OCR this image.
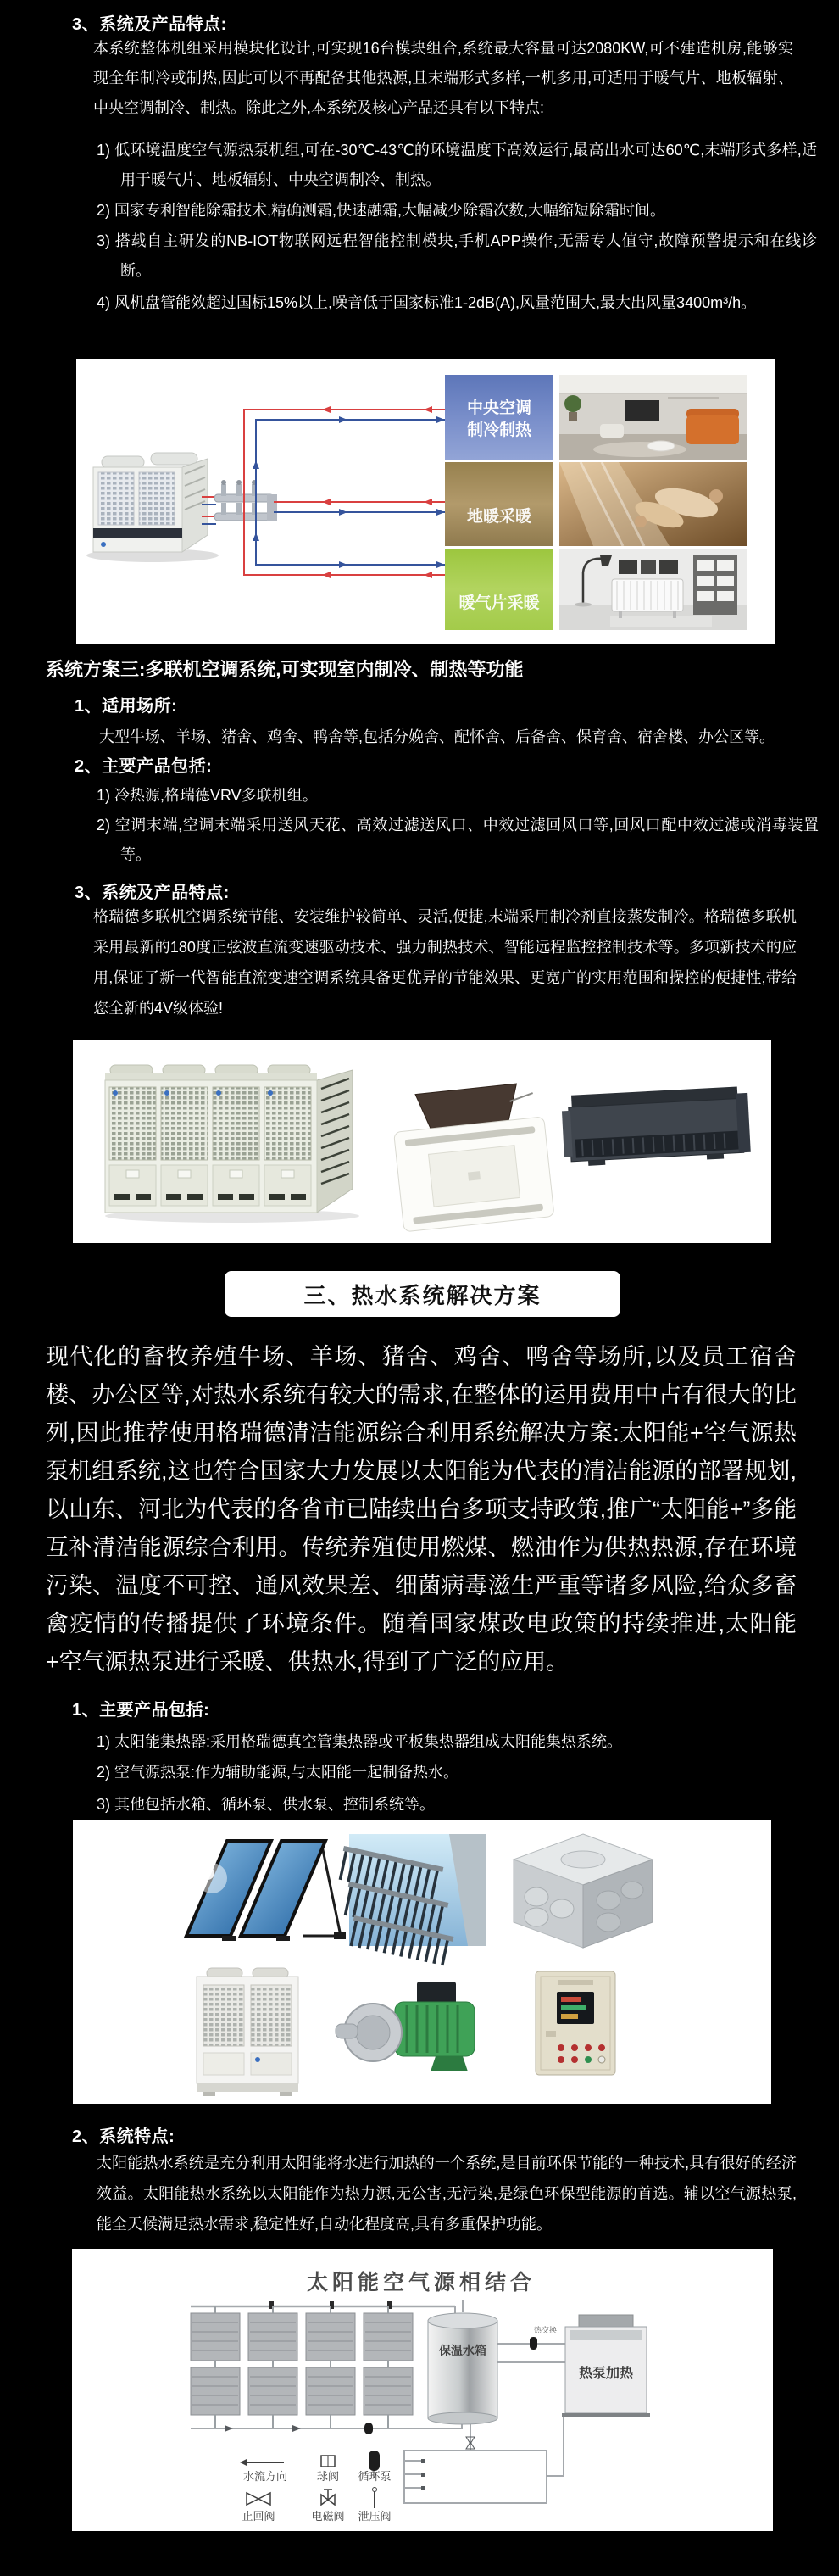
3、系统及产品特点:
本系统整体机组采用模块化设计,可实现16台模块组合,系统最大容量可达2080KW,可不建造机房,能够实现全年制冷或制热,因此可以不再配备其他热源,且末端形式多样,一机多用,可适用于暖气片、地板辐射、中央空调制冷、制热。除此之外,本系统及核心产品还具有以下特点:
1) 低环境温度空气源热泵机组,可在-30℃-43℃的环境温度下高效运行,最高出水可达60℃,末端形式多样,适用于暖气片、地板辐射、中央空调制冷、制热。
2) 国家专利智能除霜技术,精确测霜,快速融霜,大幅减少除霜次数,大幅缩短除霜时间。
3) 搭载自主研发的NB-IOT物联网远程智能控制模块,手机APP操作,无需专人值守,故障预警提示和在线诊断。
4) 风机盘管能效超过国标15%以上,噪音低于国家标准1-2dB(A),风量范围大,最大出风量3400m³/h。
中央空调
制冷制热
地暖采暖
暖气片采暖
系统方案三:多联机空调系统,可实现室内制冷、制热等功能
1、适用场所:
大型牛场、羊场、猪舍、鸡舍、鸭舍等,包括分娩舍、配怀舍、后备舍、保育舍、宿舍楼、办公区等。
2、主要产品包括:
1) 冷热源,格瑞德VRV多联机组。
2) 空调末端,空调末端采用送风天花、高效过滤送风口、中效过滤回风口等,回风口配中效过滤或消毒装置等。
3、系统及产品特点:
格瑞德多联机空调系统节能、安装维护较简单、灵活,便捷,末端采用制冷剂直接蒸发制冷。格瑞德多联机采用最新的180度正弦波直流变速驱动技术、强力制热技术、智能远程监控控制技术等。多项新技术的应用,保证了新一代智能直流变速空调系统具备更优异的节能效果、更宽广的实用范围和操控的便捷性,带给您全新的4V级体验!
三、热水系统解决方案
现代化的畜牧养殖牛场、羊场、猪舍、鸡舍、鸭舍等场所,以及员工宿舍楼、办公区等,对热水系统有较大的需求,在整体的运用费用中占有很大的比列,因此推荐使用格瑞德清洁能源综合利用系统解决方案:太阳能+空气源热泵机组系统,这也符合国家大力发展以太阳能为代表的清洁能源的部署规划,以山东、河北为代表的各省市已陆续出台多项支持政策,推广“太阳能+”多能互补清洁能源综合利用。传统养殖使用燃煤、燃油作为供热热源,存在环境污染、温度不可控、通风效果差、细菌病毒滋生严重等诸多风险,给众多畜禽疫情的传播提供了环境条件。随着国家煤改电政策的持续推进,太阳能+空气源热泵进行采暖、供热水,得到了广泛的应用。
1、主要产品包括:
1) 太阳能集热器:采用格瑞德真空管集热器或平板集热器组成太阳能集热系统。
2) 空气源热泵:作为辅助能源,与太阳能一起制备热水。
3) 其他包括水箱、循环泵、供水泵、控制系统等。
2、系统特点:
太阳能热水系统是充分利用太阳能将水进行加热的一个系统,是目前环保节能的一种技术,具有很好的经济效益。太阳能热水系统以太阳能作为热力源,无公害,无污染,是绿色环保型能源的首选。辅以空气源热泵,能全天候满足热水需求,稳定性好,自动化程度高,具有多重保护功能。
太阳能空气源相结合
热交换
保温水箱
热泵加热
水流方向	球阀 循环泵
止回阀	电磁阀 泄压阀
